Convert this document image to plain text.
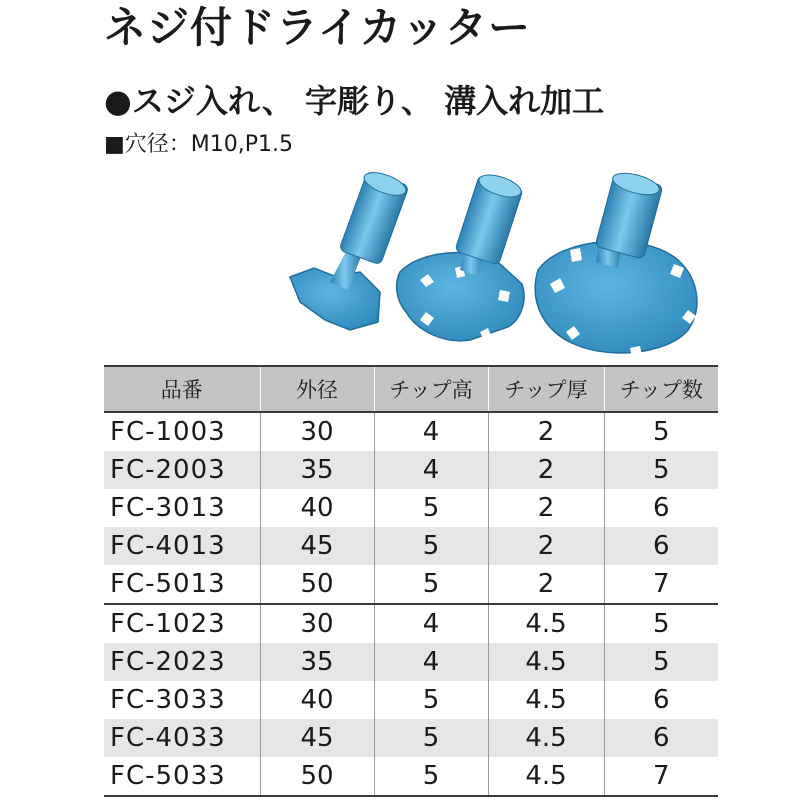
ネジ付ドライカッター
●スジ入れ、 字彫り、 溝入れ加工
■穴径：M10,P1.5
品番	外径	チップ高	チップ厚	チップ数
FC-1003	30	4	2	5
FC-2003	35	4	2	5
FC-3013	40	5	2	6
FC-4013	45	5	2	6
FC-5013	50	5	2	7
FC-1023	30	4	4.5	5
FC-2023	35	4	4.5	5
FC-3033	40	5	4.5	6
FC-4033	45	5	4.5	6
FC-5033	50	5	4.5	7
